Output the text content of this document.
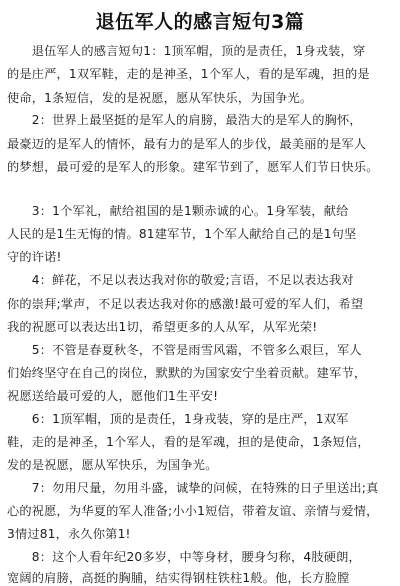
退伍军人的感言短句3篇
　　退伍军人的感言短句1：1顶军帽，顶的是责任，1身戎装，穿
的是庄严，1双军鞋，走的是神圣，1个军人，看的是军魂，担的是
使命，1条短信，发的是祝愿，愿从军快乐，为国争光。
　　2：世界上最坚挺的是军人的肩膀，最浩大的是军人的胸怀，
最豪迈的是军人的情怀，最有力的是军人的步伐，最美丽的是军人
的梦想，最可爱的是军人的形象。建军节到了，愿军人们节日快乐。
　　3：1个军礼，献给祖国的是1颗赤诚的心。1身军装，献给
人民的是1生无悔的情。81建军节，1个军人献给自己的是1句坚
守的许诺!
　　4：鲜花，不足以表达我对你的敬爱;言语，不足以表达我对
你的崇拜;掌声，不足以表达我对你的感激!最可爱的军人们，希望
我的祝愿可以表达出1切，希望更多的人从军，从军光荣!
　　5：不管是春夏秋冬，不管是雨雪风霜，不管多么艰巨，军人
们始终坚守在自己的岗位，默默的为国家安宁坐着贡献。建军节，
祝愿送给最可爱的人，愿他们1生平安!
　　6：1顶军帽，顶的是责任，1身戎装，穿的是庄严，1双军
鞋，走的是神圣，1个军人，看的是军魂，担的是使命，1条短信，
发的是祝愿，愿从军快乐，为国争光。
　　7：勿用尺量，勿用斗盛，诚挚的问候，在特殊的日子里送出;真
心的祝愿，为华夏的军人准备;小小1短信，带着友谊、亲情与爱情，
3情过81，永久你第1!
　　8：这个人看年纪20多岁，中等身材，腰身匀称，4肢硬朗，
宽阔的肩膀，高挺的胸脯，结实得钢柱铁柱1般。他，长方脸膛
